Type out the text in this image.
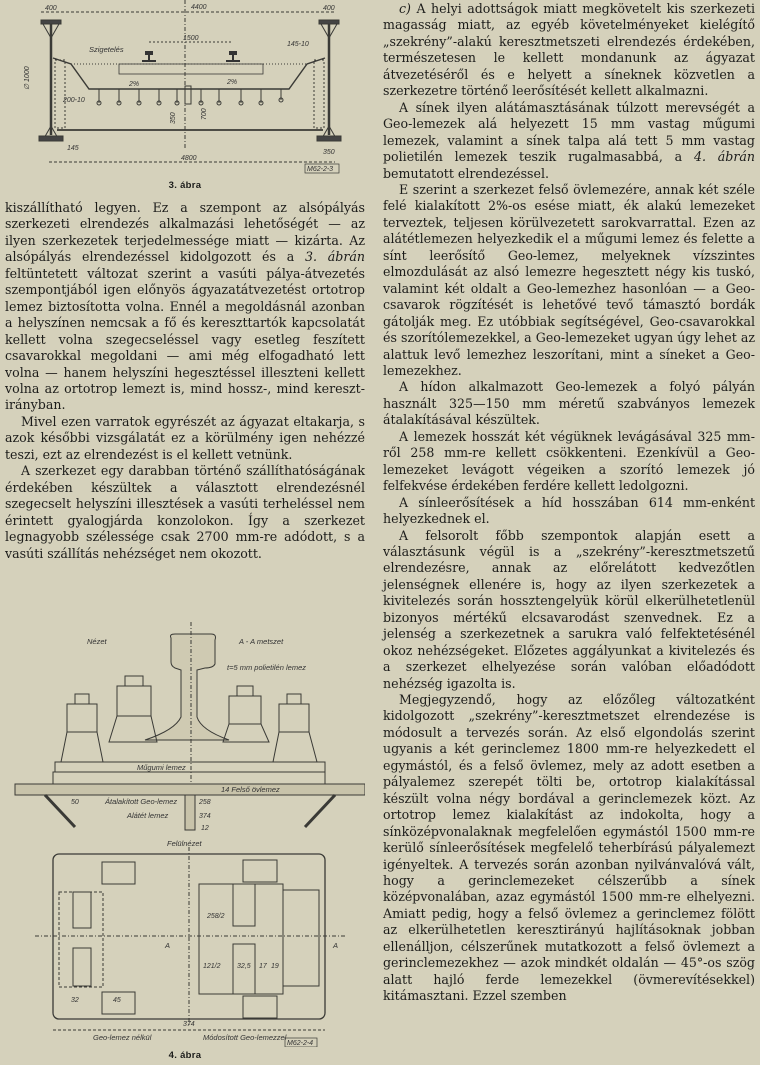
400	4400	400
1500
145-10
Szigetelés
∅ 1000	2%	2%
200-10
350	700
145
4800
350
M62-2-3
3. ábra

kiszállítható legyen. Ez a szempont az alsópályás szerkezeti elrendezés alkalmazási lehetőségét — az ilyen szerkezetek terjedelmessége miatt — kizárta. Az alsópályás elrendezéssel kidolgozott és a 3. ábrán feltüntetett változat szerint a vasúti pálya-átvezetés szempontjából igen előnyös ágyazatátvezetést ortotrop lemez biztosította volna. Ennél a megoldásnál azonban a helyszínen nemcsak a fő és kereszttartók kapcsolatát kellett volna szegecseléssel vagy esetleg feszített csavarokkal megoldani — ami még elfogadható lett volna — hanem helyszíni hegesztéssel illeszteni kellett volna az ortotrop lemezt is, mind hossz-, mind kereszt-irányban.

Mivel ezen varratok egyrészét az ágyazat eltakarja, s azok későbbi vizsgálatát ez a körülmény igen nehézzé teszi, ezt az elrendezést is el kellett vetnünk.

A szerkezet egy darabban történő szállíthatóságának érdekében készültek a választott elrendezésnél szegecselt helyszíni illesztések a vasúti terheléssel nem érintett gyalogjárda konzolokon. Így a szerkezet legnagyobb szélessége csak 2700 mm-re adódott, s a vasúti szállítás nehézséget nem okozott.

Nézet	A - A metszet
t=5 mm polietilén lemez
Műgumi lemez
14 Felső övlemez
Átalakított Geo-lemez
Alátét lemez
50	258
374
12
Felülnézet
258/2
121/2 32,5 17 19
45
32
A	A
374
Geo-lemez nélkül	Módosított Geo-lemezzel
M62-2-4
4. ábra

c) A helyi adottságok miatt megkövetelt kis szerkezeti magasság miatt, az egyéb követelményeket kielégítő „szekrény”-alakú keresztmetszeti elrendezés érdekében, természetesen le kellett mondanunk az ágyazat átvezetéséről és e helyett a síneknek közvetlen a szerkezetre történő leerősítését kellett alkalmazni.

A sínek ilyen alátámasztásának túlzott merevségét a Geo-lemezek alá helyezett 15 mm vastag műgumi lemezek, valamint a sínek talpa alá tett 5 mm vastag polietilén lemezek teszik rugalmasabbá, a 4. ábrán bemutatott elrendezéssel.

E szerint a szerkezet felső övlemezére, annak két széle felé kialakított 2%-os esése miatt, ék alakú lemezeket terveztek, teljesen körülvezetett sarokvarrattal. Ezen az alátétlemezen helyezkedik el a műgumi lemez és felette a sínt leerősítő Geo-lemez, melyeknek vízszintes elmozdulását az alsó lemezre hegesztett négy kis tuskó, valamint két oldalt a Geo-lemezhez hasonlóan — a Geo-csavarok rögzítését is lehetővé tevő támasztó bordák gátolják meg. Ez utóbbiak segítségével, Geo-csavarokkal és szorítólemezekkel, a Geo-lemezeket ugyan úgy lehet az alattuk levő lemezhez leszorítani, mint a síneket a Geo-lemezekhez.

A hídon alkalmazott Geo-lemezek a folyó pályán használt 325—150 mm méretű szabványos lemezek átalakításával készültek.

A lemezek hosszát két végüknek levágásával 325 mm-ről 258 mm-re kellett csökkenteni. Ezenkívül a Geo-lemezeket levágott végeiken a szorító lemezek jó felfekvése érdekében ferdére kellett ledolgozni.

A sínleerősítések a híd hosszában 614 mm-enként helyezkednek el.

A felsorolt főbb szempontok alapján esett a választásunk végül is a „szekrény”-keresztmetszetű elrendezésre, annak az előrelátott kedvezőtlen jelenségnek ellenére is, hogy az ilyen szerkezetek a kivitelezés során hossztengelyük körül elkerülhetetlenül bizonyos mértékű elcsavarodást szenvednek. Ez a jelenség a szerkezetnek a sarukra való felfektetésénél okoz nehézségeket. Előzetes aggályunkat a kivitelezés és a szerkezet elhelyezése során valóban előadódott nehézség igazolta is.

Megjegyzendő, hogy az előzőleg változatként kidolgozott „szekrény”-keresztmetszet elrendezése is módosult a tervezés során. Az első elgondolás szerint ugyanis a két gerinclemez 1800 mm-re helyezkedett el egymástól, és a felső övlemez, mely az adott esetben a pályalemez szerepét tölti be, ortotrop kialakítással készült volna négy bordával a gerinclemezek közt. Az ortotrop lemez kialakítást az indokolta, hogy a sínközépvonalaknak megfelelően egymástól 1500 mm-re kerülő sínleerősítések megfelelő teherbírású pályalemezt igényeltek. A tervezés során azonban nyilvánvalóvá vált, hogy a gerinclemezeket célszerűbb a sínek középvonalában, azaz egymástól 1500 mm-re elhelyezni. Amiatt pedig, hogy a felső övlemez a gerinclemez fölött az elkerülhetetlen keresztirányú hajlításoknak jobban ellenálljon, célszerűnek mutatkozott a felső övlemezt a gerinclemezekhez — azok mindkét oldalán — 45°-os szög alatt hajló ferde lemezekkel (övmerevítésekkel) kitámasztani. Ezzel szemben
